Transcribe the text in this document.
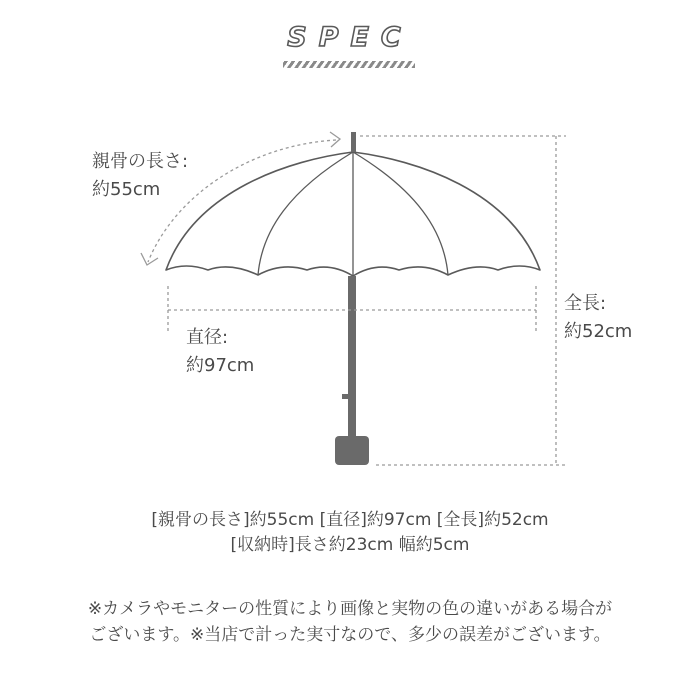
SPEC
親骨の長さ:
約55cm
直径:
約97cm
全長:
約52cm
[親骨の長さ]約55cm [直径]約97cm [全長]約52cm
[収納時]長さ約23cm 幅約5cm
※カメラやモニターの性質により画像と実物の色の違いがある場合が
ございます。※当店で計った実寸なので、多少の誤差がございます。
